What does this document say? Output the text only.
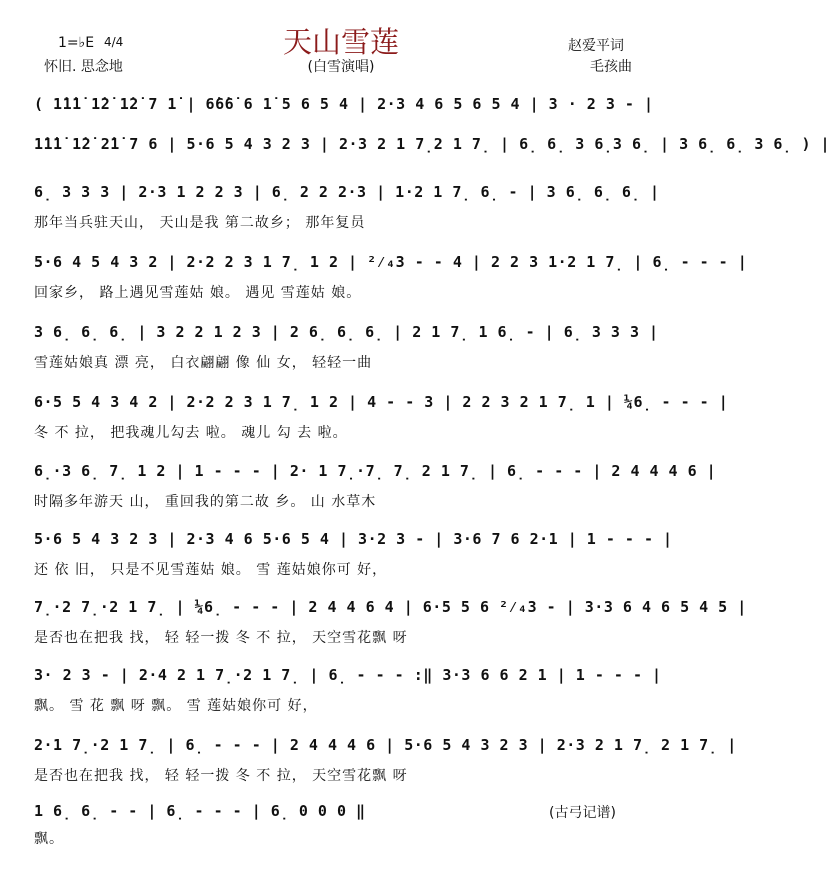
天山雪莲
1=♭E 4/4
怀旧. 思念地	(白雪演唱)
赵爱平词
毛孩曲
( 1̇1̇1̇ 1̇2̇ 1̇2̇ 7 1̇ | 6̇6̇6̇ 6 1̇ 5 6 5 4 | 2·3 4 6 5 6 5 4 | 3 · 2 3 - |
1̇1̇1̇ 1̇2̇ 2̇1̇ 7 6 | 5·6 5 4 3 2 3 | 2·3 2 1 7̣2 1 7̣ | 6̣ 6̣ 3 6̣3 6̣ | 3 6̣ 6̣ 3 6̣ ) |
6̣ 3 3 3 | 2·3 1 2 2 3 | 6̣ 2 2 2·3 | 1·2 1 7̣ 6̣ - | 3 6̣ 6̣ 6̣ |
那年当兵驻天山， 天山是我 第二故乡； 那年复员
5·6 4 5 4 3 2 | 2·2 2 3 1 7̣ 1 2 | ²⁄₄3 - - 4 | 2 2 3 1·2 1 7̣ | 6̣ - - - |
回家乡， 路上遇见雪莲姑 娘。 遇见 雪莲姑 娘。
3 6̣ 6̣ 6̣ | 3 2 2 1 2 3 | 2 6̣ 6̣ 6̣ | 2 1 7̣ 1 6̣ - | 6̣ 3 3 3 |
雪莲姑娘真 漂 亮， 白衣翩翩 像 仙 女， 轻轻一曲
6·5 5 4 3 4 2 | 2·2 2 3 1 7̣ 1 2 | 4 - - 3 | 2 2 3 2 1 7̣ 1 | ¼6̣ - - - |
冬 不 拉， 把我魂儿勾去 啦。 魂儿 勾 去 啦。
6̣·3 6̣ 7̣ 1 2 | 1 - - - | 2· 1 7̣·7̣ 7̣ 2 1 7̣ | 6̣ - - - | 2 4 4 4 6 |
时隔多年游天 山， 重回我的第二故 乡。 山 水草木
5·6 5 4 3 2 3 | 2·3 4 6 5·6 5 4 | 3·2 3 - | 3·6 7 6 2·1 | 1 - - - |
还 依 旧， 只是不见雪莲姑 娘。 雪 莲姑娘你可 好，
7̣·2 7̣·2 1 7̣ | ¼6̣ - - - | 2 4 4 6 4 | 6·5 5 6 ²⁄₄3 - | 3·3 6 4 6 5 4 5 |
是否也在把我 找， 轻 轻一拨 冬 不 拉， 天空雪花飘 呀
3· 2 3 - | 2·4 2 1 7̣·2 1 7̣ | 6̣ - - - :‖ 3·3 6 6 2 1 | 1 - - - |
飘。 雪 花 飘 呀 飘。 雪 莲姑娘你可 好，
2·1 7̣·2 1 7̣ | 6̣ - - - | 2 4 4 4 6 | 5·6 5 4 3 2 3 | 2·3 2 1 7̣ 2 1 7̣ |
是否也在把我 找， 轻 轻一拨 冬 不 拉， 天空雪花飘 呀
1 6̣ 6̣ - - | 6̣ - - - | 6̣ 0 0 0 ‖
飘。
(古弓记谱)
